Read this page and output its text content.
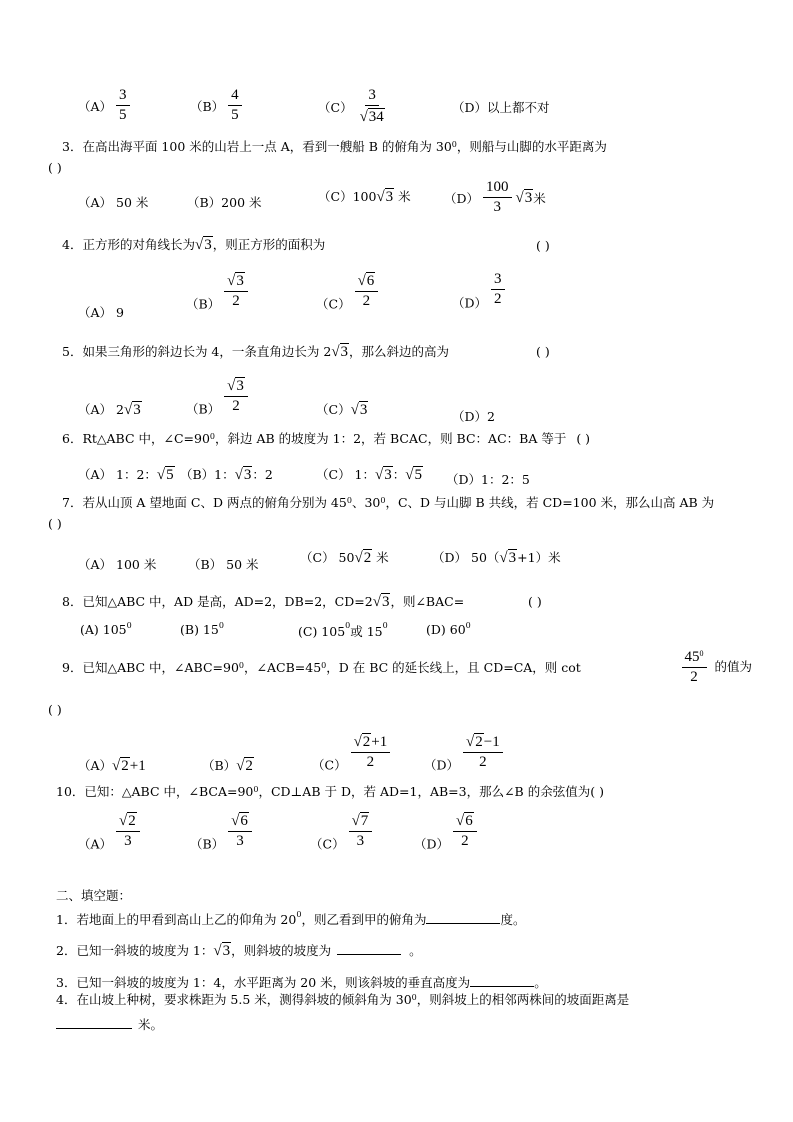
$(A) \frac{3}{5}$	$(B) \frac{4}{5}$	$(C) \frac{3}{√34}$	（D）以上都不对
3．在高出海平面 100 米的山岩上一点 A，看到一艘船 B 的俯角为 $30^0$，则船与山脚的水平距离为
( )
（A） 50 米	（B）200 米	（C）100√3 米	$(D) \frac{100}{3} √3$米
4．正方形的对角线长为√3，则正方形的面积为	( )
（A） 9
$(B) \frac{√3}{2}$	$(C) \frac{√6}{2}$	$(D) \frac{3}{2}$
5．如果三角形的斜边长为 4，一条直角边长为 2√3，那么斜边的高为	( )
（A） 2√3	$(B) \frac{√3}{2}$	（C）√3	（D）2
6．Rt△ABC 中，$\angle C=90^0$，斜边 AB 的坡度为 1：2，若 BCAC，则 BC：AC：BA 等于 ( )
（A） 1：2：√5 （B）1：√3：2	（C） 1：√3：√5 （D）1：2：5
7．若从山顶 A 望地面 C、D 两点的俯角分别为 $45^0$、$30^0$，C、D 与山脚 B 共线，若 CD=100 米，那么山高 AB 为
( )
（A） 100 米	（B） 50 米	（C） 50√2 米	（D） 50（√3+1）米
8．已知△ABC 中，AD 是高，AD=2，DB=2，CD=2√3，则∠BAC=	( )
(A) $105^0$	(B) $15^0$	(C) $105^0$或 $15^0$	(D) $60^0$
9．已知△ABC 中，$\angle ABC=90^0$，$\angle ACB=45^0$，D 在 BC 的延长线上，且 CD=CA，则 cot	$\frac{45^0}{2}$ 的值为
( )
（A）√2+1	（B）√2	$(C) \frac{√2+1}{2}$	$(D) \frac{√2-1}{2}$
10．已知：△ABC 中，$\angle BCA=90^0$，CD⊥AB 于 D，若 AD=1，AB=3，那么∠B 的余弦值为( )
$(A) \frac{√2}{3}$	$(B) \frac{√6}{3}$	$(C) \frac{√7}{3}$	$(D) \frac{√6}{2}$
二、填空题：
1．若地面上的甲看到高山上乙的仰角为 $20^0$，则乙看到甲的俯角为	度。
2．已知一斜坡的坡度为 1：√3，则斜坡的坡度为	。
3．已知一斜坡的坡度为 1：4，水平距离为 20 米，则该斜坡的垂直高度为	。
4．在山坡上种树，要求株距为 5.5 米，测得斜坡的倾斜角为 $30^0$，则斜坡上的相邻两株间的坡面距离是
米。
